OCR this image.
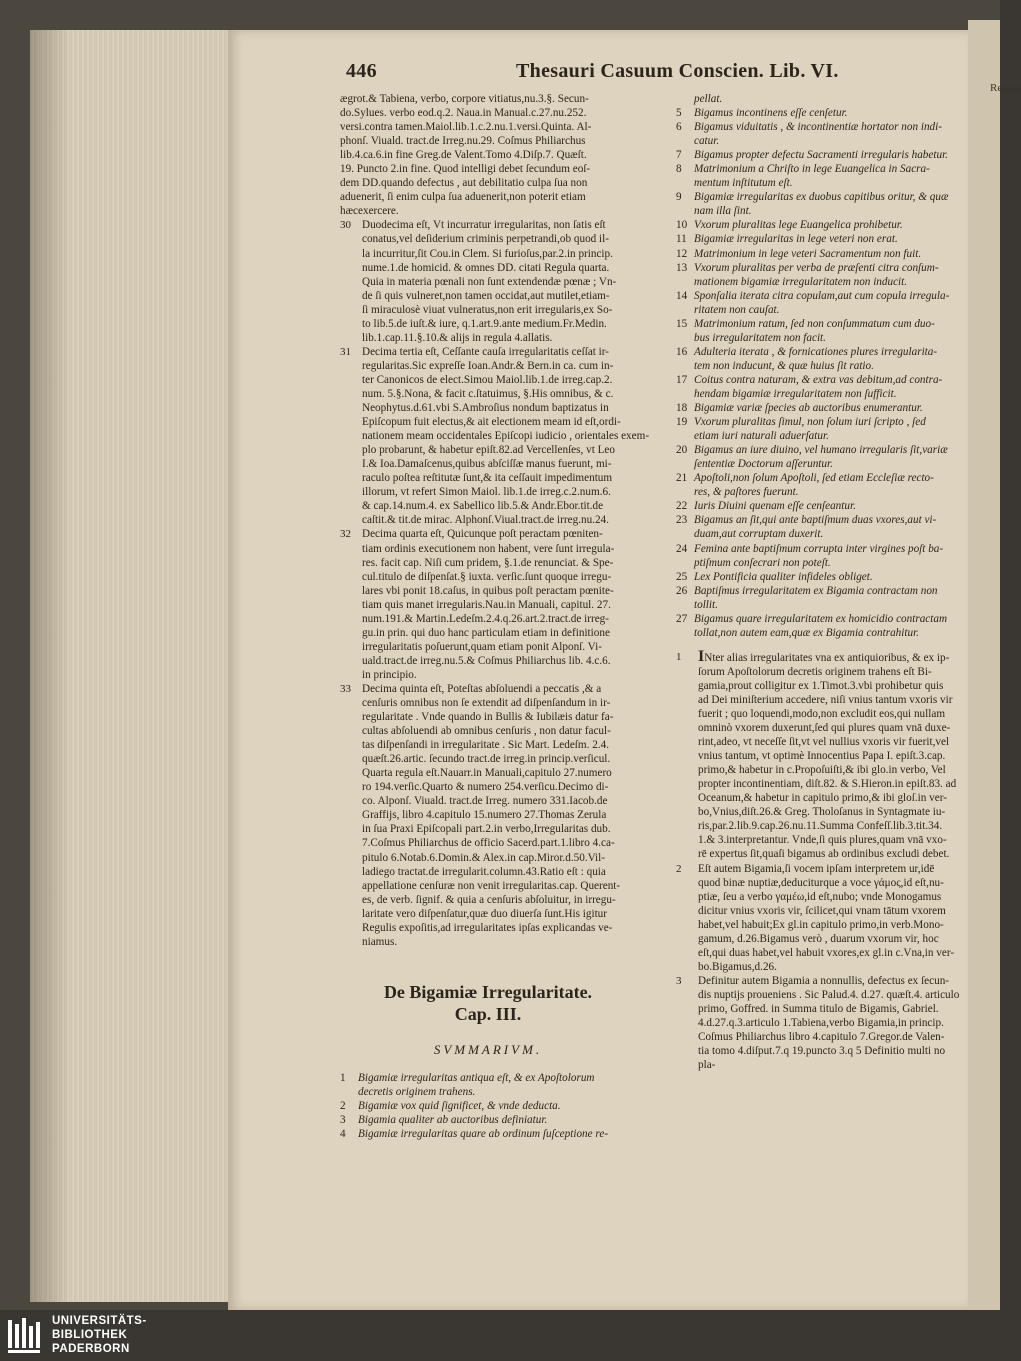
446	Thesauri Casuum Conscien. Lib. VI.
ægrot.& Tabiena, verbo, corpore vitiatus,nu.3.§. Secun-
do.Sylues. verbo eod.q.2. Naua.in Manual.c.27.nu.252.
versi.contra tamen.Maiol.lib.1.c.2.nu.1.versi.Quinta. Al-
phonſ. Viuald. tract.de Irreg.nu.29. Coſmus Philiarchus
lib.4.ca.6.in fine Greg.de Valent.Tomo 4.Diſp.7. Quæſt.
19. Puncto 2.in fine. Quod intelligi debet ſecundum eoſ-
dem DD.quando defectus , aut debilitatio culpa ſua non
aduenerit, ſi enim culpa ſua aduenerit,non poterit etiam
hæcexercere.
30 Duodecima eſt, Vt incurratur irregularitas, non ſatis eſt
conatus,vel deſiderium criminis perpetrandi,ob quod il-
la incurritur,ſit Cou.in Clem. Si furioſus,par.2.in princip.
nume.1.de homicid. & omnes DD. citati Regula quarta.
Quia in materia pœnali non ſunt extendendæ pœnæ ; Vn-
de ſi quis vulneret,non tamen occidat,aut mutilet,etiam-
ſi miraculosè viuat vulneratus,non erit irregularis,ex So-
to lib.5.de iuſt.& iure, q.1.art.9.ante medium.Fr.Medin.
lib.1.cap.11.§.10.& alijs in regula 4.allatis.
31 Decima tertia eſt, Ceſſante cauſa irregularitatis ceſſat ir-
regularitas.Sic expreſſe Ioan.Andr.& Bern.in ca. cum in-
ter Canonicos de elect.Simou Maiol.lib.1.de irreg.cap.2.
num. 5.§.Nona, & facit c.ſtatuimus, §.His omnibus, & c.
Neophytus.d.61.vbi S.Ambroſius nondum baptizatus in
Epiſcopum fuit electus,& ait electionem meam id eſt,ordi-
nationem meam occidentales Epiſcopi iudicio , orientales exem-
plo probarunt, & habetur epiſt.82.ad Vercellenſes, vt Leo
I.& Ioa.Damaſcenus,quibus abſciſſæ manus fuerunt, mi-
raculo poſtea reſtitutæ ſunt,& ita ceſſauit impedimentum
illorum, vt refert Simon Maiol. lib.1.de irreg.c.2.num.6.
& cap.14.num.4. ex Sabellico lib.5.& Andr.Ebor.tit.de
caſtit.& tit.de mirac. Alphonſ.Viual.tract.de irreg.nu.24.
32 Decima quarta eſt, Quicunque poſt peractam pœniten-
tiam ordinis executionem non habent, vere ſunt irregula-
res. facit cap. Niſi cum pridem, §.1.de renunciat. & Spe-
cul.titulo de diſpenſat.§ iuxta. verſic.ſunt quoque irregu-
lares vbi ponit 18.caſus, in quibus poſt peractam pœnite-
tiam quis manet irregularis.Nau.in Manuali, capitul. 27.
num.191.& Martin.Ledeſm.2.4.q.26.art.2.tract.de irreg-
gu.in prin. qui duo hanc particulam etiam in definitione
irregularitatis poſuerunt,quam etiam ponit Alponſ. Vi-
uald.tract.de irreg.nu.5.& Coſmus Philiarchus lib. 4.c.6.
in principio.
33 Decima quinta eſt, Poteſtas abſoluendi a peccatis ,& a
cenſuris omnibus non ſe extendit ad diſpenſandum in ir-
regularitate . Vnde quando in Bullis & Iubilæis datur fa-
cultas abſoluendi ab omnibus cenſuris , non datur facul-
tas diſpenſandi in irregularitate . Sic Mart. Ledeſm. 2.4.
quæſt.26.artic. ſecundo tract.de irreg.in princip.verſicul.
Quarta regula eſt.Nauarr.in Manuali,capitulo 27.numero
ro 194.verſic.Quarto & numero 254.verſicu.Decimo di-
co. Alponſ. Viuald. tract.de Irreg. numero 331.Iacob.de
Graffijs, libro 4.capitulo 15.numero 27.Thomas Zerula
in ſua Praxi Epiſcopali part.2.in verbo,Irregularitas dub.
7.Coſmus Philiarchus de officio Sacerd.part.1.libro 4.ca-
pitulo 6.Notab.6.Domin.& Alex.in cap.Miror.d.50.Vil-
ladiego tractat.de irregularit.column.43.Ratio eſt : quia
appellatione cenſuræ non venit irregularitas.cap. Querent-
es, de verb. ſignif. & quia a cenſuris abſoluitur, in irregu-
laritate vero diſpenſatur,quæ duo diuerſa ſunt.His igitur
Regulis expoſitis,ad irregularitates ipſas explicandas ve-
niamus.
De Bigamiæ Irregularitate.
Cap. III.
SVMMARIVM.
1 Bigamiæ irregularitas antiqua eſt, & ex Apoſtolorum
decretis originem trahens.
2 Bigamiæ vox quid ſignificet, & vnde deducta.
3 Bigamia qualiter ab auctoribus definiatur.
4 Bigamiæ irregularitas quare ab ordinum ſuſceptione re-
pellat.
5 Bigamus incontinens eſſe cenſetur.
6 Bigamus viduitatis , & incontinentiæ hortator non indi-
catur.
7 Bigamus propter defectu Sacramenti irregularis habetur.
8 Matrimonium a Chriſto in lege Euangelica in Sacra-
mentum inſtitutum eſt.
9 Bigamiæ irregularitas ex duobus capitibus oritur, & quæ
nam illa ſint.
10 Vxorum pluralitas lege Euangelica prohibetur.
11 Bigamiæ irregularitas in lege veteri non erat.
12 Matrimonium in lege veteri Sacramentum non fuit.
13 Vxorum pluralitas per verba de præſenti citra conſum-
mationem bigamiæ irregularitatem non inducit.
14 Sponſalia iterata citra copulam,aut cum copula irregula-
ritatem non cauſat.
15 Matrimonium ratum, ſed non conſummatum cum duo-
bus irregularitatem non facit.
16 Adulteria iterata , & fornicationes plures irregularita-
tem non inducunt, & quæ huius ſit ratio.
17 Coitus contra naturam, & extra vas debitum,ad contra-
hendam bigamiæ irregularitatem non ſufficit.
18 Bigamiæ variæ ſpecies ab auctoribus enumerantur.
19 Vxorum pluralitas ſimul, non ſolum iuri ſcripto , ſed
etiam iuri naturali aduerſatur.
20 Bigamus an iure diuino, vel humano irregularis ſit,variæ
ſententiæ Doctorum aſſeruntur.
21 Apoſtoli,non ſolum Apoſtoli, ſed etiam Eccleſiæ recto-
res, & paſtores fuerunt.
22 Iuris Diuini quenam eſſe cenſeantur.
23 Bigamus an ſit,qui ante baptiſmum duas vxores,aut vi-
duam,aut corruptam duxerit.
24 Femina ante baptiſmum corrupta inter virgines poſt ba-
ptiſmum conſecrari non poteſt.
25 Lex Pontificia qualiter infideles obliget.
26 Baptiſmus irregularitatem ex Bigamia contractam non
tollit.
27 Bigamus quare irregularitatem ex homicidio contractam
tollat,non autem eam,quæ ex Bigamia contrahitur.
1 INter alias irregularitates vna ex antiquioribus, & ex ip-
ſorum Apoſtolorum decretis originem trahens eſt Bi-
gamia,prout colligitur ex 1.Timot.3.vbi prohibetur quis
ad Dei miniſterium accedere, niſi vnius tantum vxoris vir
fuerit ; quo loquendi,modo,non excludit eos,qui nullam
omninò vxorem duxerunt,ſed qui plures quam vnā duxe-
rint,adeo, vt neceſſe ſit,vt vel nullius vxoris vir fuerit,vel
vnius tantum, vt optimè Innocentius Papa I. epiſt.3.cap.
primo,& habetur in c.Propoſuiſti,& ibi glo.in verbo, Vel
propter incontinentiam, diſt.82. & S.Hieron.in epiſt.83. ad
Oceanum,& habetur in capitulo primo,& ibi gloſ.in ver-
bo,Vnius,diſt.26.& Greg. Tholoſanus in Syntagmate iu-
ris,par.2.lib.9.cap.26.nu.11.Summa Confeſſ.lib.3.tit.34.
1.& 3.interpretantur. Vnde,ſi quis plures,quam vnā vxo-
rē expertus ſit,quaſi bigamus ab ordinibus excludi debet.
2 Eſt autem Bigamia,ſi vocem ipſam interpretem ur,idē
quod binæ nuptiæ,deduciturque a voce γάμος,id eſt,nu-
ptiæ, ſeu a verbo γαμέω,id eſt,nubo; vnde Monogamus
dicitur vnius vxoris vir, ſcilicet,qui vnam tātum vxorem
habet,vel habuit;Ex gl.in capitulo primo,in verb.Mono-
gamum, d.26.Bigamus verò , duarum vxorum vir, hoc
eſt,qui duas habet,vel habuit vxores,ex gl.in c.Vna,in ver-
bo.Bigamus,d.26.
3 Definitur autem Bigamia a nonnullis, defectus ex ſecun-
dis nuptijs proueniens . Sic Palud.4. d.27. quæſt.4. articulo
primo, Goffred. in Summa titulo de Bigamis, Gabriel.
4.d.27.q.3.articulo 1.Tabiena,verbo Bigamia,in princip.
Coſmus Philiarchus libro 4.capitulo 7.Gregor.de Valen-
tia tomo 4.diſput.7.q 19.puncto 3.q 5 Definitio multi no
pla-
Regula
UNIVERSITÄTS-
BIBLIOTHEK
PADERBORN
